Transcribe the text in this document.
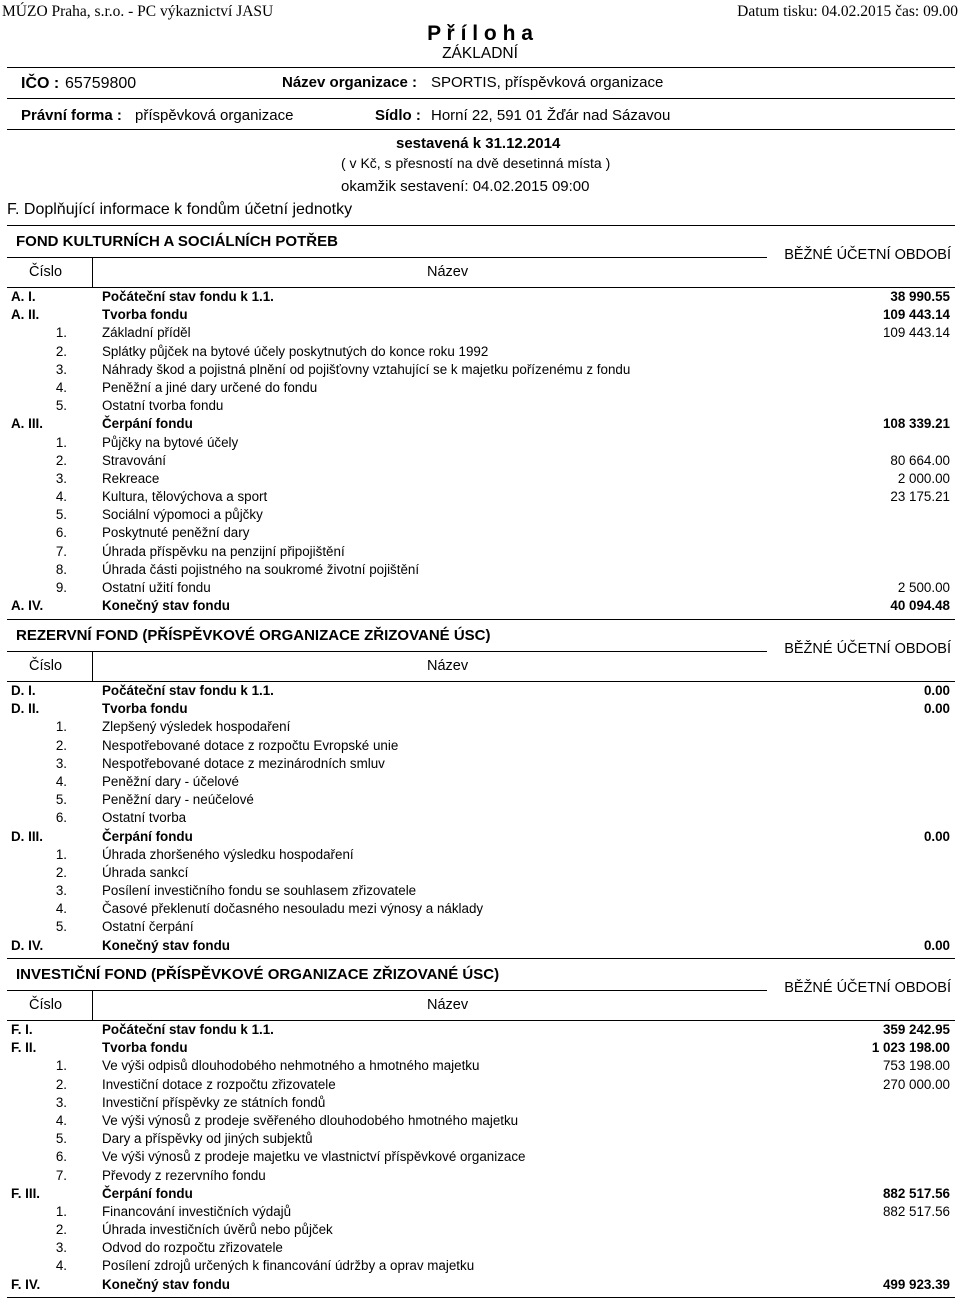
MÚZO Praha, s.r.o. - PC výkaznictví JASU	Datum tisku: 04.02.2015 čas: 09.00
P ř í l o h a
ZÁKLADNÍ
IČO : 65759800	Název organizace : SPORTIS, příspěvková organizace
Právní forma : příspěvková organizace	Sídlo : Horní 22, 591 01 Žďár nad Sázavou
sestavená k 31.12.2014
( v Kč, s přesností na dvě desetinná místa )
okamžik sestavení: 04.02.2015 09:00
F. Doplňující informace k fondům účetní jednotky
FOND KULTURNÍCH A SOCIÁLNÍCH POTŘEB
Číslo	Název
BĚŽNÉ ÚČETNÍ OBDOBÍ
A. I.	Počáteční stav fondu k 1.1.	38 990.55
A. II.	Tvorba fondu	109 443.14
1.	Základní příděl	109 443.14
2.	Splátky půjček na bytové účely poskytnutých do konce roku 1992
3.	Náhrady škod a pojistná plnění od pojišťovny vztahující se k majetku pořízenému z fondu
4.	Peněžní a jiné dary určené do fondu
5.	Ostatní tvorba fondu
A. III.	Čerpání fondu	108 339.21
1.	Půjčky na bytové účely
2.	Stravování	80 664.00
3.	Rekreace	2 000.00
4.	Kultura, tělovýchova a sport	23 175.21
5.	Sociální výpomoci a půjčky
6.	Poskytnuté peněžní dary
7.	Úhrada příspěvku na penzijní připojištění
8.	Úhrada části pojistného na soukromé životní pojištění
9.	Ostatní užití fondu	2 500.00
A. IV.	Konečný stav fondu	40 094.48
REZERVNÍ FOND (PŘÍSPĚVKOVÉ ORGANIZACE ZŘIZOVANÉ ÚSC)
Číslo	Název
BĚŽNÉ ÚČETNÍ OBDOBÍ
D. I.	Počáteční stav fondu k 1.1.	0.00
D. II.	Tvorba fondu	0.00
1.	Zlepšený výsledek hospodaření
2.	Nespotřebované dotace z rozpočtu Evropské unie
3.	Nespotřebované dotace z mezinárodních smluv
4.	Peněžní dary - účelové
5.	Peněžní dary - neúčelové
6.	Ostatní tvorba
D. III.	Čerpání fondu	0.00
1.	Úhrada zhoršeného výsledku hospodaření
2.	Úhrada sankcí
3.	Posílení investičního fondu se souhlasem zřizovatele
4.	Časové překlenutí dočasného nesouladu mezi výnosy a náklady
5.	Ostatní čerpání
D. IV.	Konečný stav fondu	0.00
INVESTIČNÍ FOND (PŘÍSPĚVKOVÉ ORGANIZACE ZŘIZOVANÉ ÚSC)
Číslo	Název
BĚŽNÉ ÚČETNÍ OBDOBÍ
F. I.	Počáteční stav fondu k 1.1.	359 242.95
F. II.	Tvorba fondu	1 023 198.00
1.	Ve výši odpisů dlouhodobého nehmotného a hmotného majetku	753 198.00
2.	Investiční dotace z rozpočtu zřizovatele	270 000.00
3.	Investiční příspěvky ze státních fondů
4.	Ve výši výnosů z prodeje svěřeného dlouhodobého hmotného majetku
5.	Dary a příspěvky od jiných subjektů
6.	Ve výši výnosů z prodeje majetku ve vlastnictví příspěvkové organizace
7.	Převody z rezervního fondu
F. III.	Čerpání fondu	882 517.56
1.	Financování investičních výdajů	882 517.56
2.	Úhrada investičních úvěrů nebo půjček
3.	Odvod do rozpočtu zřizovatele
4.	Posílení zdrojů určených k financování údržby a oprav majetku
F. IV.	Konečný stav fondu	499 923.39
